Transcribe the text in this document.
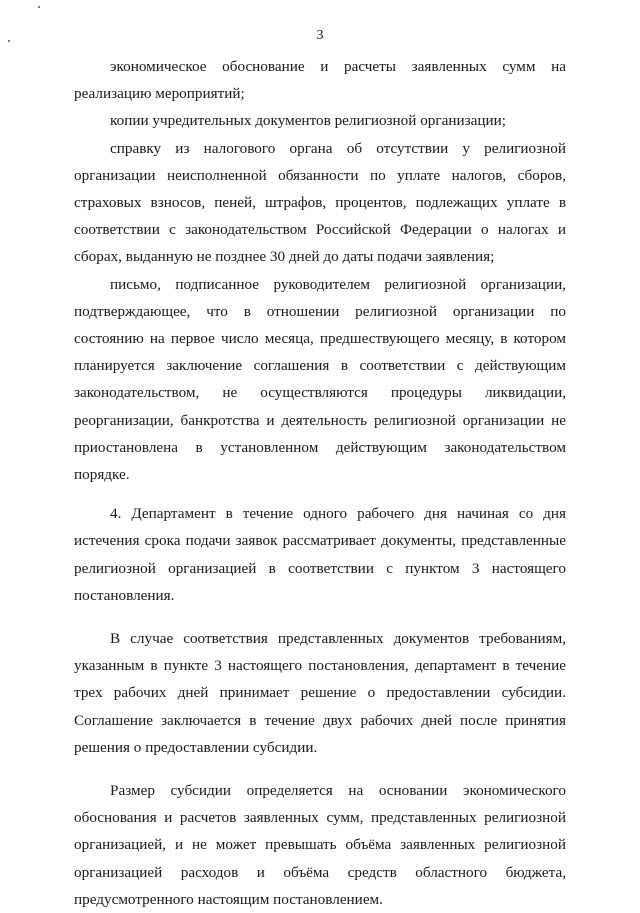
3

экономическое обоснование и расчеты заявленных сумм на реализацию мероприятий;

копии учредительных документов религиозной организации;

справку из налогового органа об отсутствии у религиозной организации неисполненной обязанности по уплате налогов, сборов, страховых взносов, пеней, штрафов, процентов, подлежащих уплате в соответствии с законодательством Российской Федерации о налогах и сборах, выданную не позднее 30 дней до даты подачи заявления;

письмо, подписанное руководителем религиозной организации, подтверждающее, что в отношении религиозной организации по состоянию на первое число месяца, предшествующего месяцу, в котором планируется заключение соглашения в соответствии с действующим законодательством, не осуществляются процедуры ликвидации, реорганизации, банкротства и деятельность религиозной организации не приостановлена в установленном действующим законодательством порядке.

4. Департамент в течение одного рабочего дня начиная со дня истечения срока подачи заявок рассматривает документы, представленные религиозной организацией в соответствии с пунктом 3 настоящего постановления.

В случае соответствия представленных документов требованиям, указанным в пункте 3 настоящего постановления, департамент в течение трех рабочих дней принимает решение о предоставлении субсидии. Соглашение заключается в течение двух рабочих дней после принятия решения о предоставлении субсидии.

Размер субсидии определяется на основании экономического обоснования и расчетов заявленных сумм, представленных религиозной организацией, и не может превышать объёма заявленных религиозной организацией расходов и объёма средств областного бюджета, предусмотренного настоящим постановлением.
